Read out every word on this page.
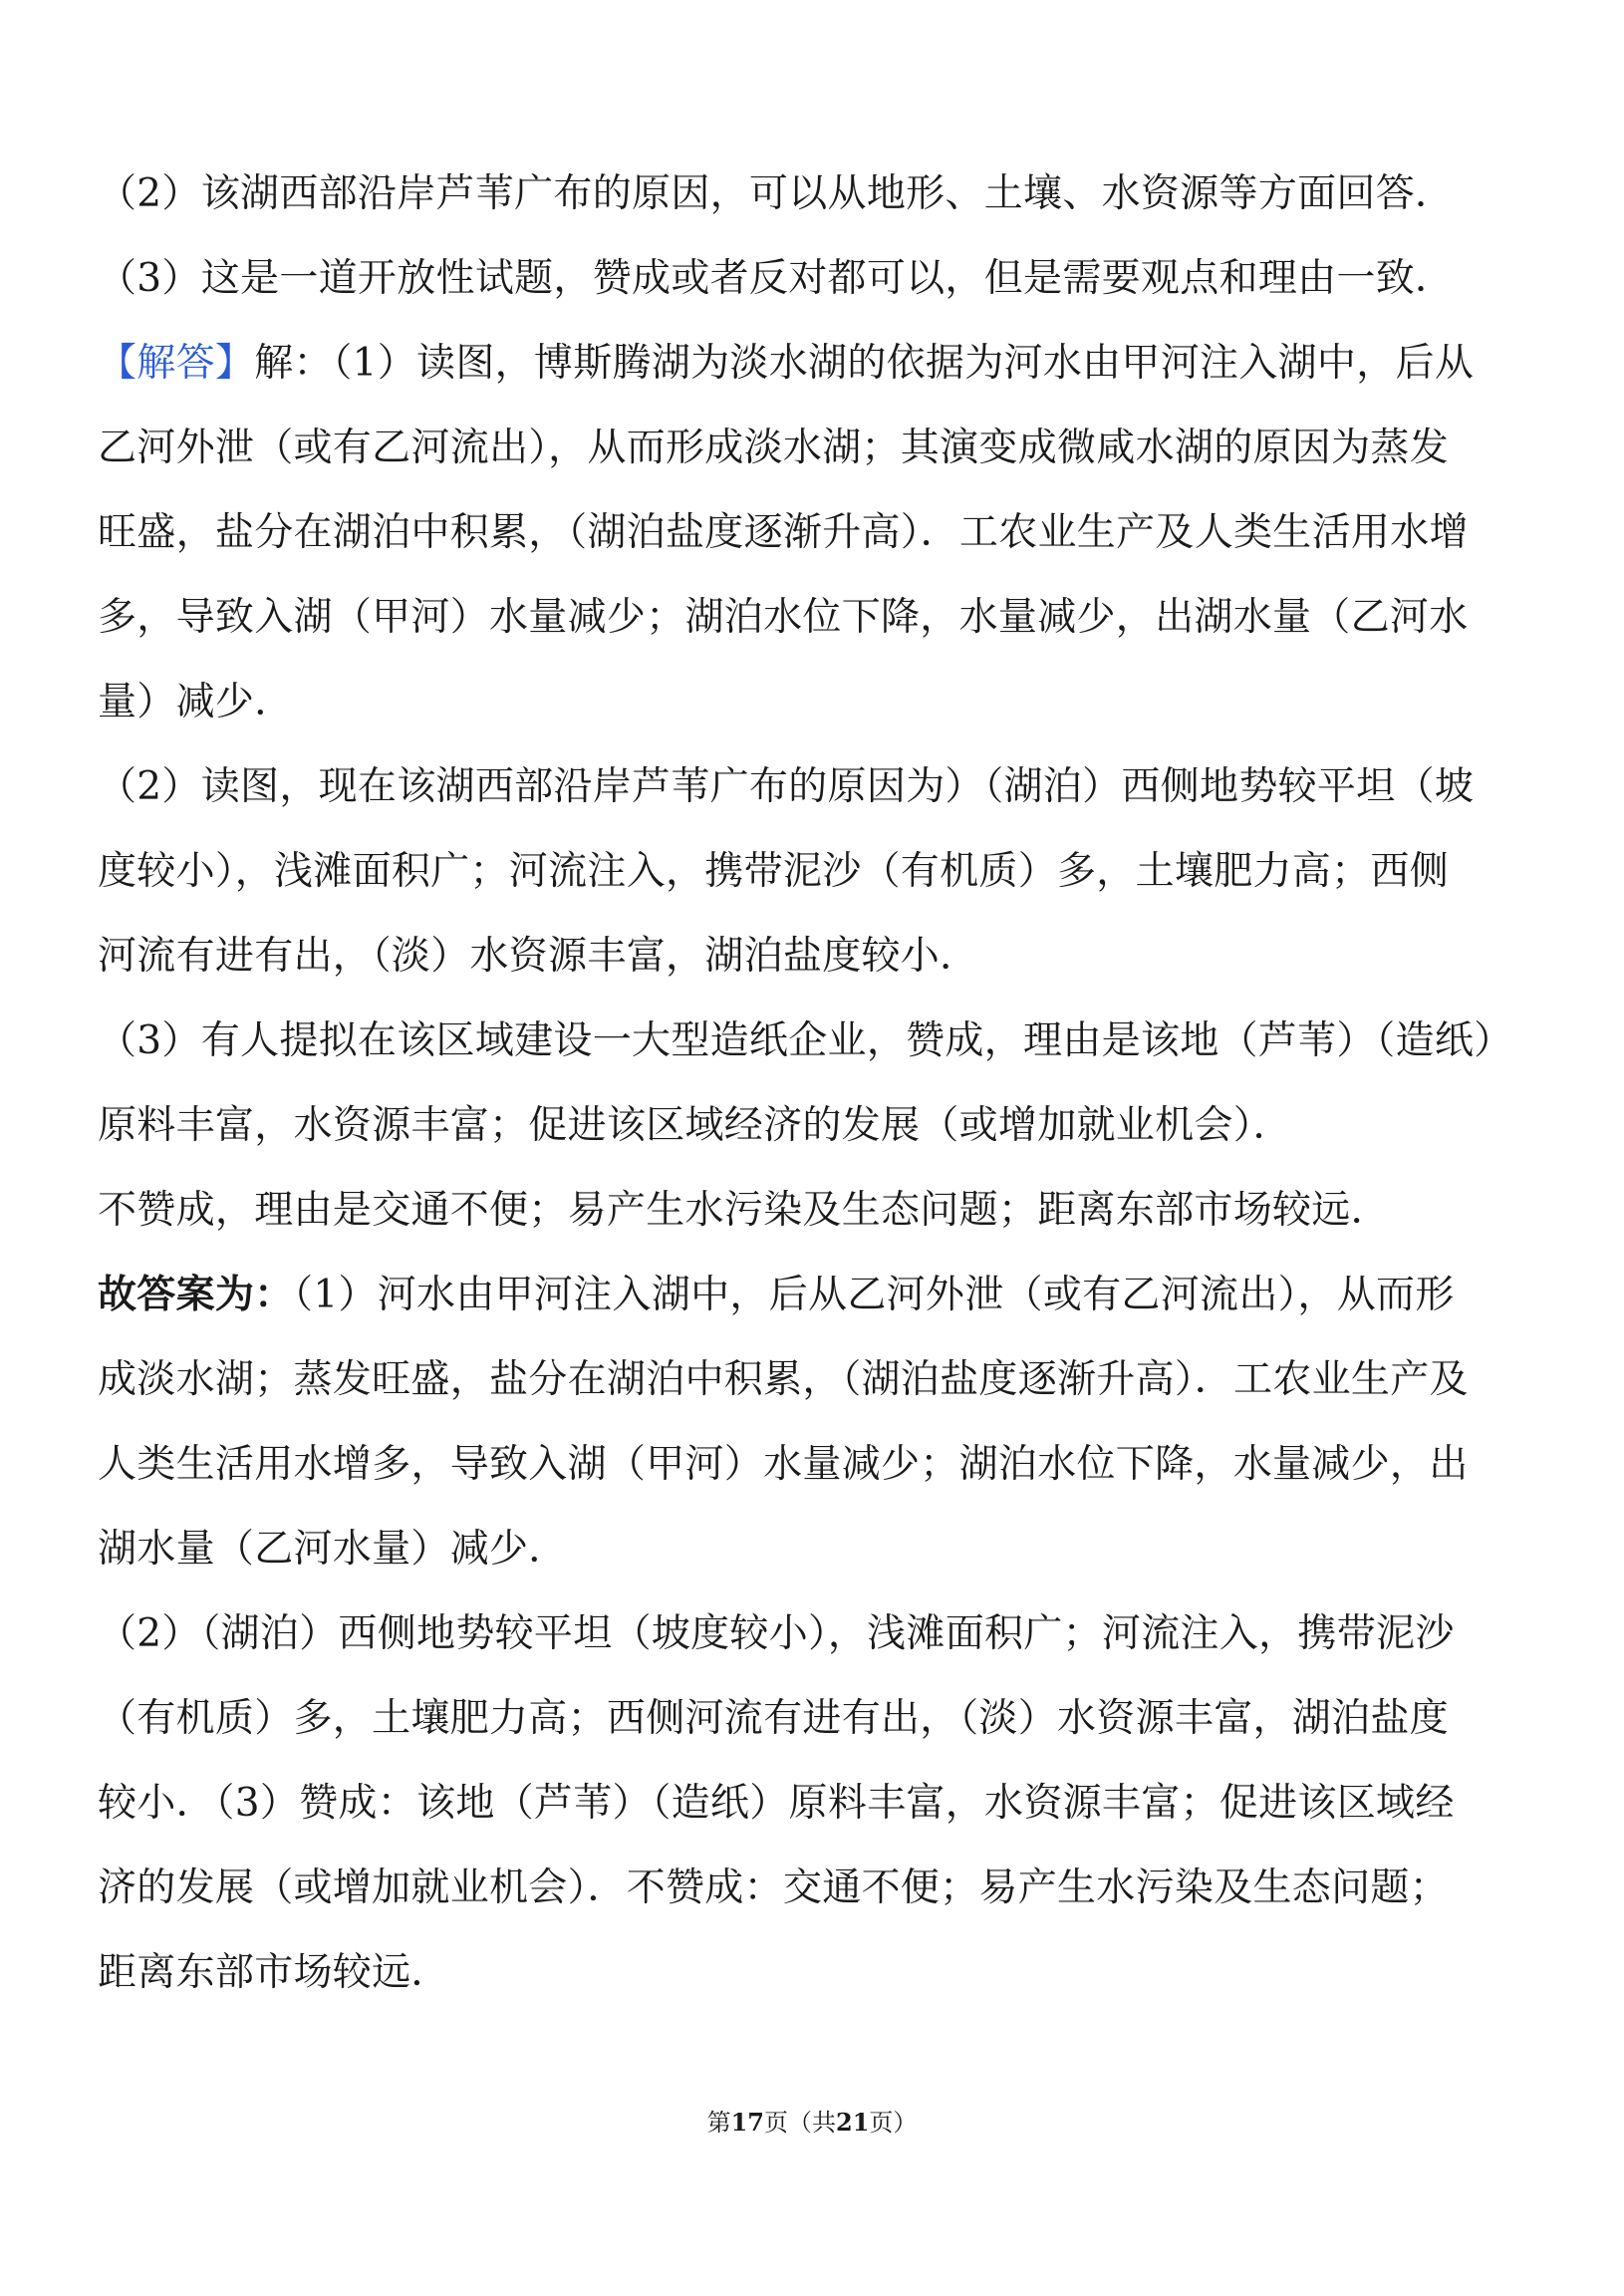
（2）该湖西部沿岸芦苇广布的原因，可以从地形、土壤、水资源等方面回答．
（3）这是一道开放性试题，赞成或者反对都可以，但是需要观点和理由一致．
【解答】解：（1）读图，博斯腾湖为淡水湖的依据为河水由甲河注入湖中，后从
乙河外泄（或有乙河流出），从而形成淡水湖；其演变成微咸水湖的原因为蒸发
旺盛，盐分在湖泊中积累，（湖泊盐度逐渐升高）．工农业生产及人类生活用水增
多，导致入湖（甲河）水量减少；湖泊水位下降，水量减少，出湖水量（乙河水
量）减少．
（2）读图，现在该湖西部沿岸芦苇广布的原因为）（湖泊）西侧地势较平坦（坡
度较小），浅滩面积广；河流注入，携带泥沙（有机质）多，土壤肥力高；西侧
河流有进有出，（淡）水资源丰富，湖泊盐度较小．
（3）有人提拟在该区域建设一大型造纸企业，赞成，理由是该地（芦苇）（造纸）
原料丰富，水资源丰富；促进该区域经济的发展（或增加就业机会）．
不赞成，理由是交通不便；易产生水污染及生态问题；距离东部市场较远．
故答案为：（1）河水由甲河注入湖中，后从乙河外泄（或有乙河流出），从而形
成淡水湖；蒸发旺盛，盐分在湖泊中积累，（湖泊盐度逐渐升高）．工农业生产及
人类生活用水增多，导致入湖（甲河）水量减少；湖泊水位下降，水量减少，出
湖水量（乙河水量）减少．
（2）（湖泊）西侧地势较平坦（坡度较小），浅滩面积广；河流注入，携带泥沙
（有机质）多，土壤肥力高；西侧河流有进有出，（淡）水资源丰富，湖泊盐度
较小．（3）赞成：该地（芦苇）（造纸）原料丰富，水资源丰富；促进该区域经
济的发展（或增加就业机会）．不赞成：交通不便；易产生水污染及生态问题；
距离东部市场较远．
第17页（共21页）
